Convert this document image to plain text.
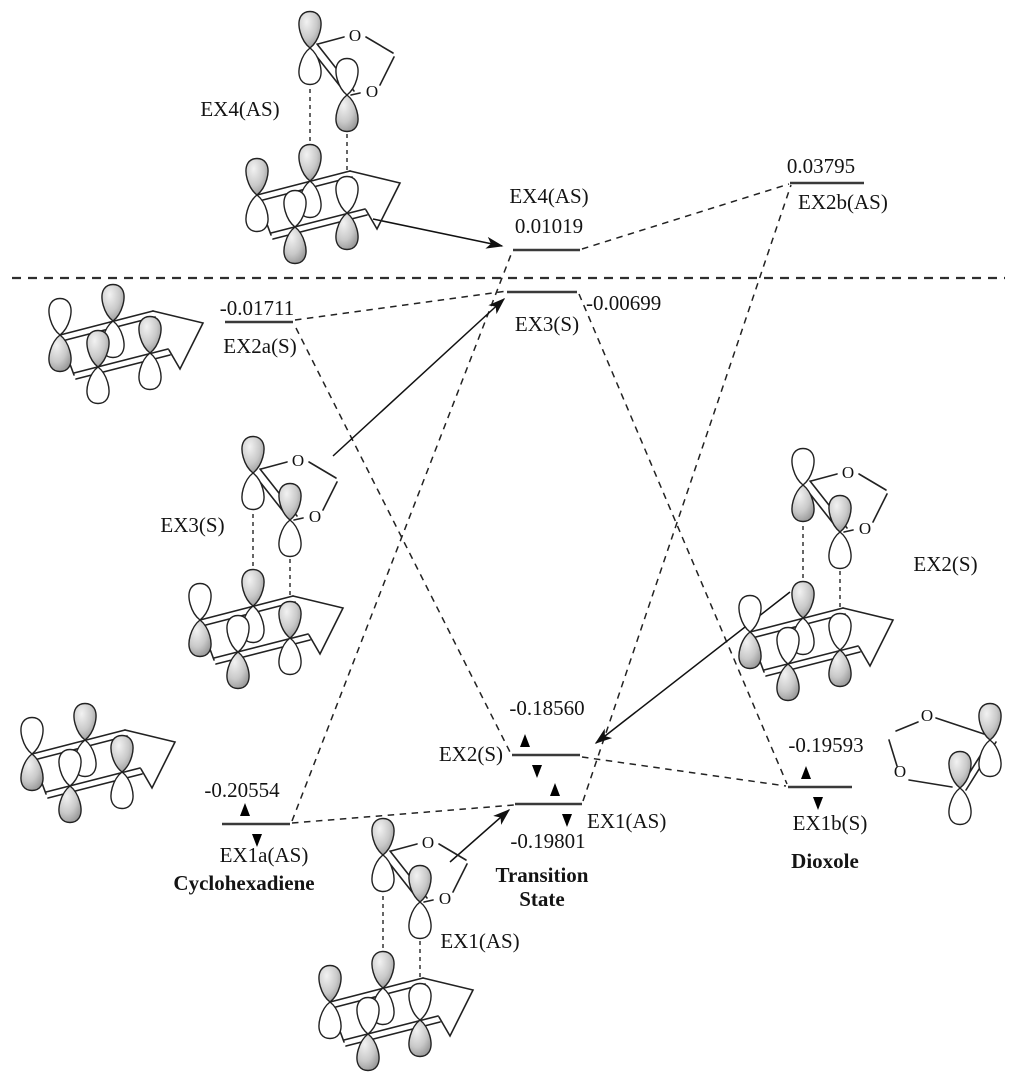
O
O
O
O
O
O
O
O
O
O
EX4(AS)
EX3(S)
EX2(S)
EX1(AS)
-0.01711
EX2a(S)
-0.20554
EX1a(AS)
Cyclohexadiene
EX4(AS)
0.01019
-0.00699
EX3(S)
-0.18560
EX2(S)
EX1(AS)
-0.19801
Transition
State
0.03795
EX2b(AS)
-0.19593
EX1b(S)
Dioxole
